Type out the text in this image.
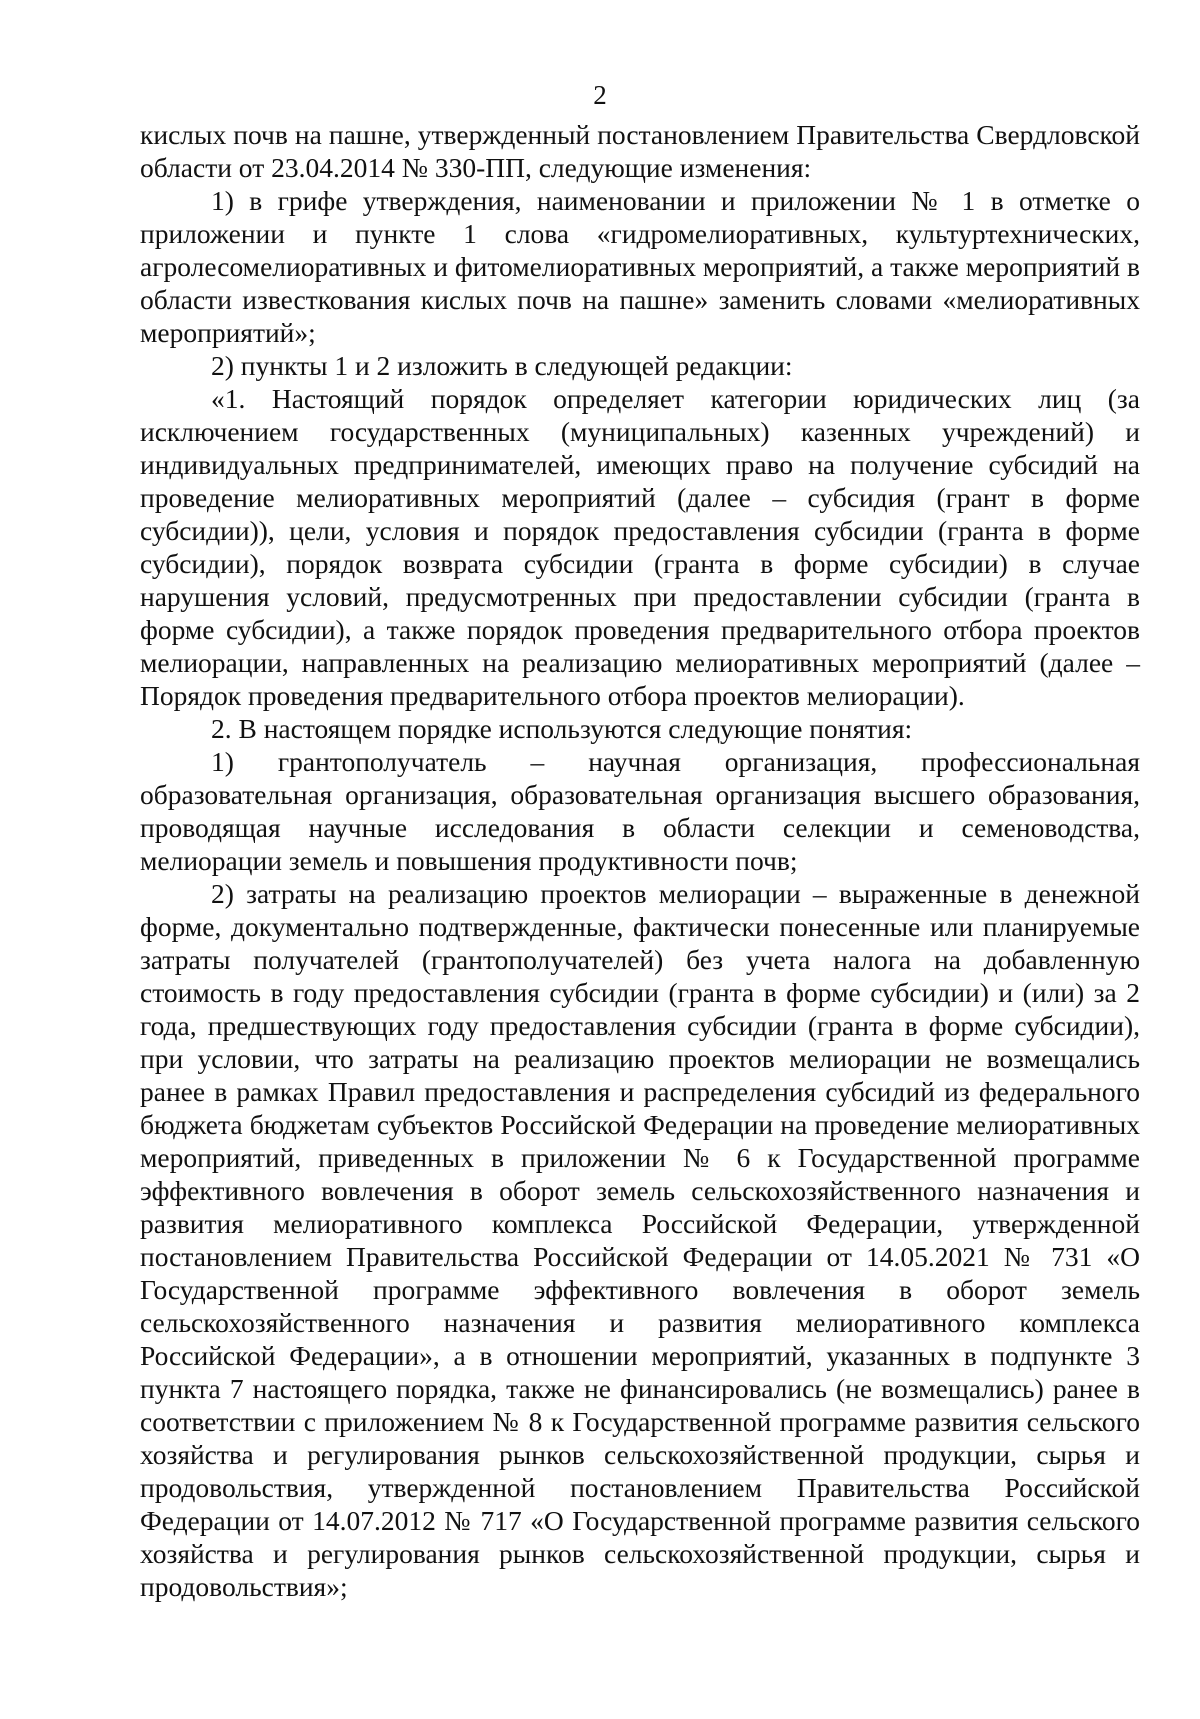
2

кислых почв на пашне, утвержденный постановлением Правительства Свердловской области от 23.04.2014 № 330-ПП, следующие изменения:

1) в грифе утверждения, наименовании и приложении № 1 в отметке о приложении и пункте 1 слова «гидромелиоративных, культуртехнических, агролесомелиоративных и фитомелиоративных мероприятий, а также мероприятий в области известкования кислых почв на пашне» заменить словами «мелиоративных мероприятий»;

2) пункты 1 и 2 изложить в следующей редакции:

«1. Настоящий порядок определяет категории юридических лиц (за исключением государственных (муниципальных) казенных учреждений) и индивидуальных предпринимателей, имеющих право на получение субсидий на проведение мелиоративных мероприятий (далее – субсидия (грант в форме субсидии)), цели, условия и порядок предоставления субсидии (гранта в форме субсидии), порядок возврата субсидии (гранта в форме субсидии) в случае нарушения условий, предусмотренных при предоставлении субсидии (гранта в форме субсидии), а также порядок проведения предварительного отбора проектов мелиорации, направленных на реализацию мелиоративных мероприятий (далее – Порядок проведения предварительного отбора проектов мелиорации).

2. В настоящем порядке используются следующие понятия:

1) грантополучатель – научная организация, профессиональная образовательная организация, образовательная организация высшего образования, проводящая научные исследования в области селекции и семеноводства, мелиорации земель и повышения продуктивности почв;

2) затраты на реализацию проектов мелиорации – выраженные в денежной форме, документально подтвержденные, фактически понесенные или планируемые затраты получателей (грантополучателей) без учета налога на добавленную стоимость в году предоставления субсидии (гранта в форме субсидии) и (или) за 2 года, предшествующих году предоставления субсидии (гранта в форме субсидии), при условии, что затраты на реализацию проектов мелиорации не возмещались ранее в рамках Правил предоставления и распределения субсидий из федерального бюджета бюджетам субъектов Российской Федерации на проведение мелиоративных мероприятий, приведенных в приложении № 6 к Государственной программе эффективного вовлечения в оборот земель сельскохозяйственного назначения и развития мелиоративного комплекса Российской Федерации, утвержденной постановлением Правительства Российской Федерации от 14.05.2021 № 731 «О Государственной программе эффективного вовлечения в оборот земель сельскохозяйственного назначения и развития мелиоративного комплекса Российской Федерации», а в отношении мероприятий, указанных в подпункте 3 пункта 7 настоящего порядка, также не финансировались (не возмещались) ранее в соответствии с приложением № 8 к Государственной программе развития сельского хозяйства и регулирования рынков сельскохозяйственной продукции, сырья и продовольствия, утвержденной постановлением Правительства Российской Федерации от 14.07.2012 № 717 «О Государственной программе развития сельского хозяйства и регулирования рынков сельскохозяйственной продукции, сырья и продовольствия»;
